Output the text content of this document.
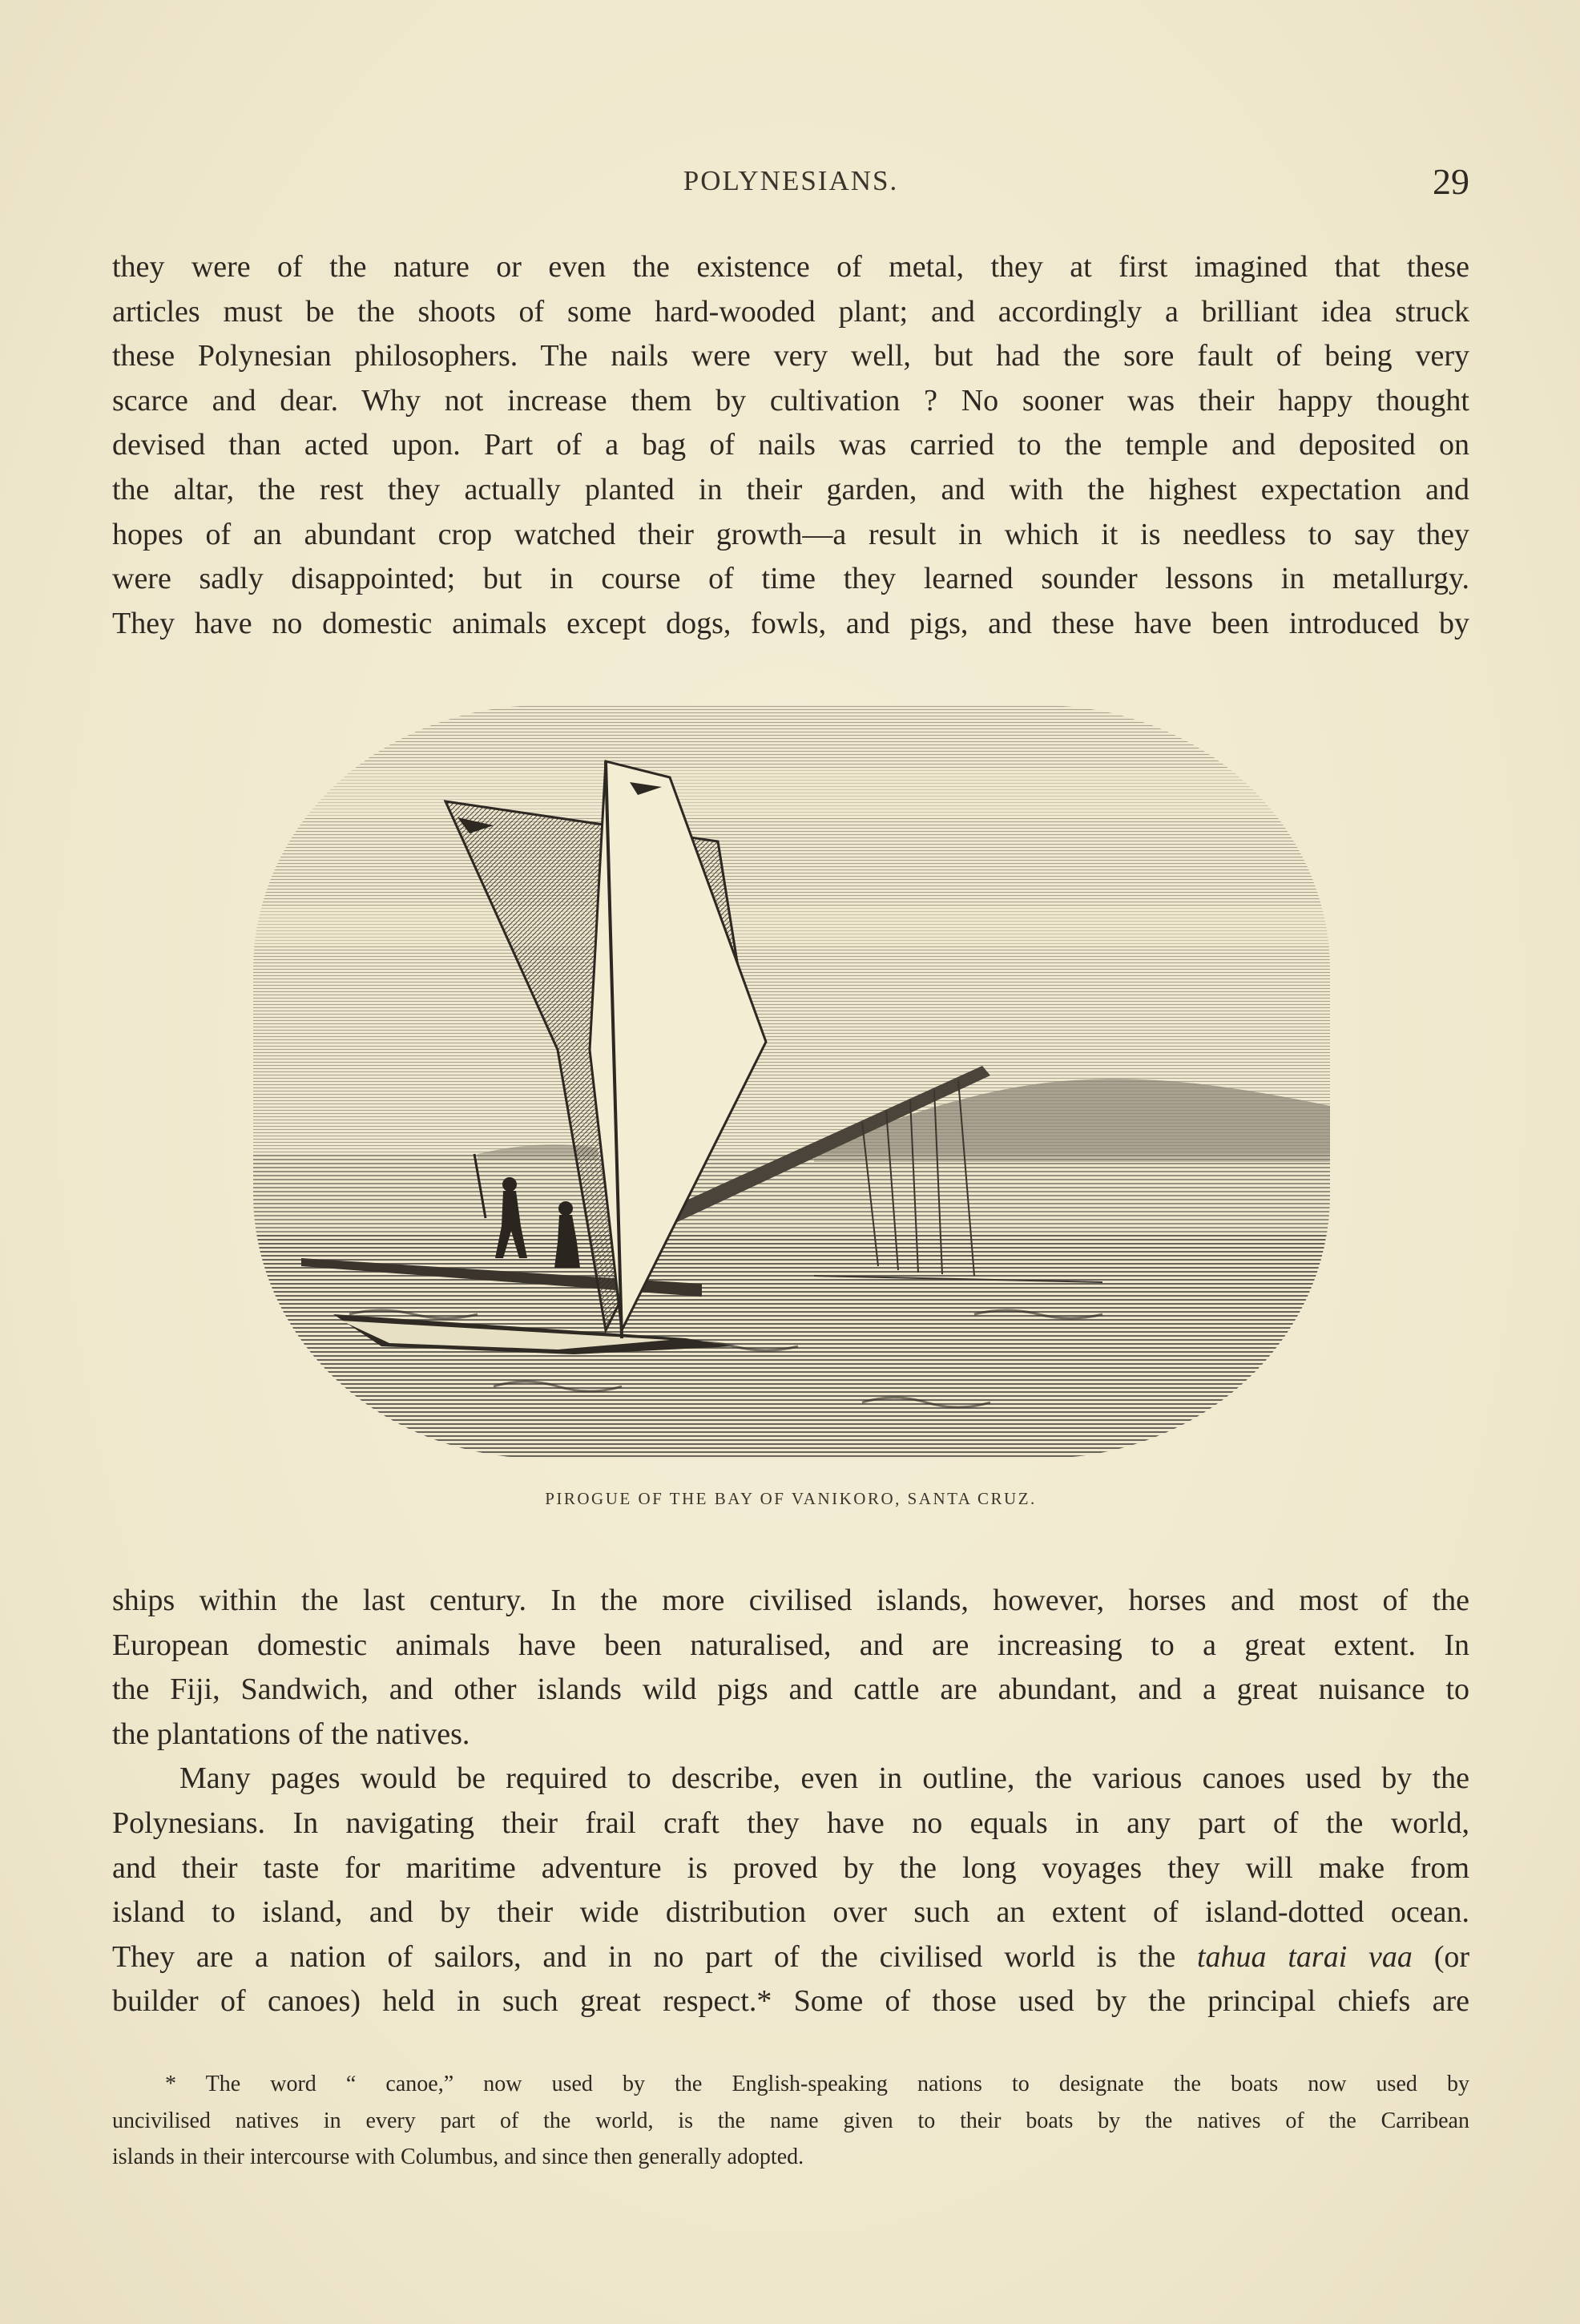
POLYNESIANS.	29
they were of the nature or even the existence of metal, they at first imagined that these
articles must be the shoots of some hard-wooded plant; and accordingly a brilliant idea struck
these Polynesian philosophers. The nails were very well, but had the sore fault of being very
scarce and dear. Why not increase them by cultivation ? No sooner was their happy thought
devised than acted upon. Part of a bag of nails was carried to the temple and deposited on
the altar, the rest they actually planted in their garden, and with the highest expectation and
hopes of an abundant crop watched their growth—a result in which it is needless to say they
were sadly disappointed; but in course of time they learned sounder lessons in metallurgy.
They have no domestic animals except dogs, fowls, and pigs, and these have been introduced by
PIROGUE OF THE BAY OF VANIKORO, SANTA CRUZ.
ships within the last century. In the more civilised islands, however, horses and most of the
European domestic animals have been naturalised, and are increasing to a great extent. In
the Fiji, Sandwich, and other islands wild pigs and cattle are abundant, and a great nuisance to
the plantations of the natives.
Many pages would be required to describe, even in outline, the various canoes used by the
Polynesians. In navigating their frail craft they have no equals in any part of the world,
and their taste for maritime adventure is proved by the long voyages they will make from
island to island, and by their wide distribution over such an extent of island-dotted ocean.
They are a nation of sailors, and in no part of the civilised world is the tahua tarai vaa (or
builder of canoes) held in such great respect.* Some of those used by the principal chiefs are
* The word “ canoe,” now used by the English-speaking nations to designate the boats now used by
uncivilised natives in every part of the world, is the name given to their boats by the natives of the Carribean
islands in their intercourse with Columbus, and since then generally adopted.
